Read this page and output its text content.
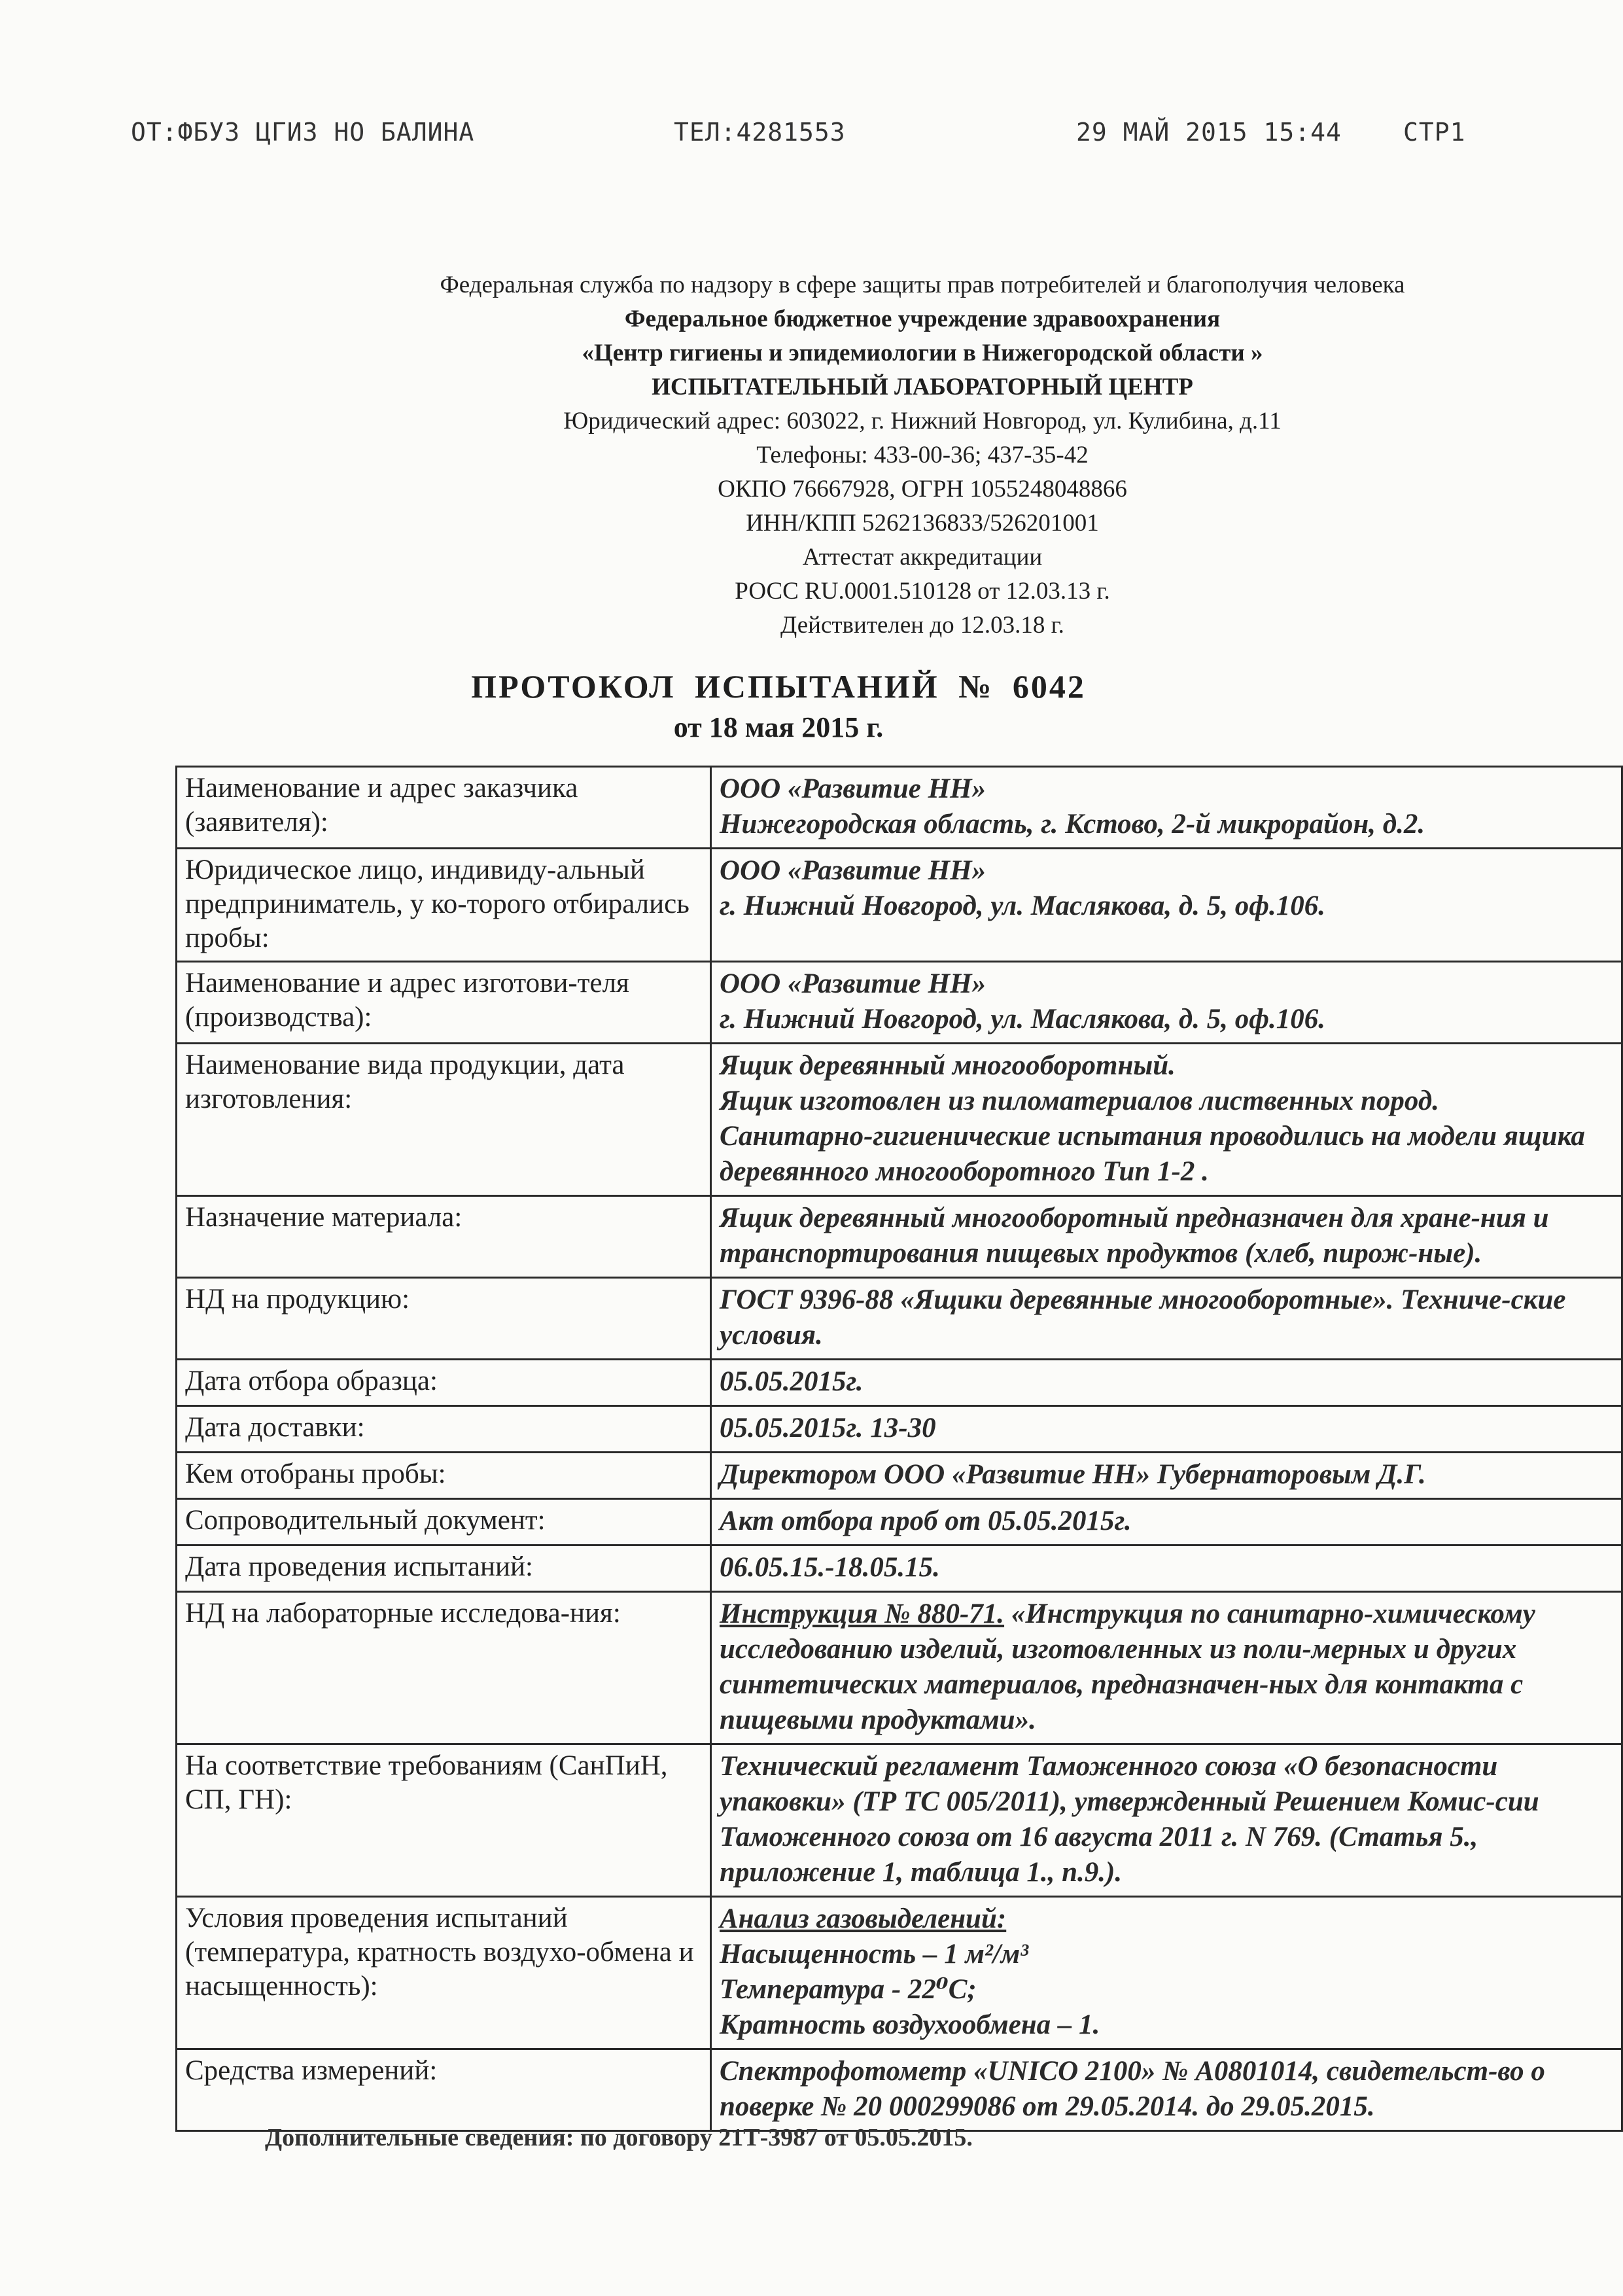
ОТ:ФБУЗ ЦГИЗ НО БАЛИНА	ТЕЛ:4281553	29 МАЙ 2015 15:44 СТР1
Федеральная служба по надзору в сфере защиты прав потребителей и благополучия человека
Федеральное бюджетное учреждение здравоохранения
«Центр гигиены и эпидемиологии в Нижегородской области »
ИСПЫТАТЕЛЬНЫЙ ЛАБОРАТОРНЫЙ ЦЕНТР
Юридический адрес: 603022, г. Нижний Новгород, ул. Кулибина, д.11
Телефоны: 433-00-36; 437-35-42
ОКПО 76667928, ОГРН 1055248048866
ИНН/КПП 5262136833/526201001
Аттестат аккредитации
РОСС RU.0001.510128 от 12.03.13 г.
Действителен до 12.03.18 г.
ПРОТОКОЛ ИСПЫТАНИЙ № 6042
от 18 мая 2015 г.
Наименование и адрес заказчика (заявителя):	ООО «Развитие НН»
Нижегородская область, г. Кстово, 2-й микрорайон, д.2.

Юридическое лицо, индивиду-альный предприниматель, у ко-торого отбирались пробы:	ООО «Развитие НН»
г. Нижний Новгород, ул. Маслякова, д. 5, оф.106.

Наименование и адрес изготови-теля (производства):	ООО «Развитие НН»
г. Нижний Новгород, ул. Маслякова, д. 5, оф.106.

Наименование вида продукции, дата изготовления:	Ящик деревянный многооборотный.
Ящик изготовлен из пиломатериалов лиственных пород.
Санитарно-гигиенические испытания проводились на модели ящика деревянного многооборотного Тип 1-2 .

Назначение материала:	Ящик деревянный многооборотный предназначен для хране-ния и транспортирования пищевых продуктов (хлеб, пирож-ные).

НД на продукцию:	ГОСТ 9396-88 «Ящики деревянные многооборотные». Техниче-ские условия.

Дата отбора образца:	05.05.2015г.

Дата доставки:	05.05.2015г. 13-30

Кем отобраны пробы:	Директором ООО «Развитие НН» Губернаторовым Д.Г.

Сопроводительный документ:	Акт отбора проб от 05.05.2015г.

Дата проведения испытаний:	06.05.15.-18.05.15.

НД на лабораторные исследова-ния:	Инструкция № 880-71. «Инструкция по санитарно-химическому исследованию изделий, изготовленных из поли-мерных и других синтетических материалов, предназначен-ных для контакта с пищевыми продуктами».
На соответствие требованиям (СанПиН, СП, ГН):	Технический регламент Таможенного союза «О безопасности упаковки» (ТР ТС 005/2011), утвержденный Решением Комис-сии Таможенного союза от 16 августа 2011 г. N 769. (Статья 5., приложение 1, таблица 1., п.9.).

Условия проведения испытаний (температура, кратность воздухо-обмена и насыщенность):	Анализ газовыделений:
Насыщенность – 1 м²/м³
Температура - 22⁰С;
Кратность воздухообмена – 1.

Средства измерений:	Спектрофотометр «UNICO 2100» № А0801014, свидетельст-во о поверке № 20 000299086 от 29.05.2014. до 29.05.2015.
Дополнительные сведения: по договору 21Т-3987 от 05.05.2015.
